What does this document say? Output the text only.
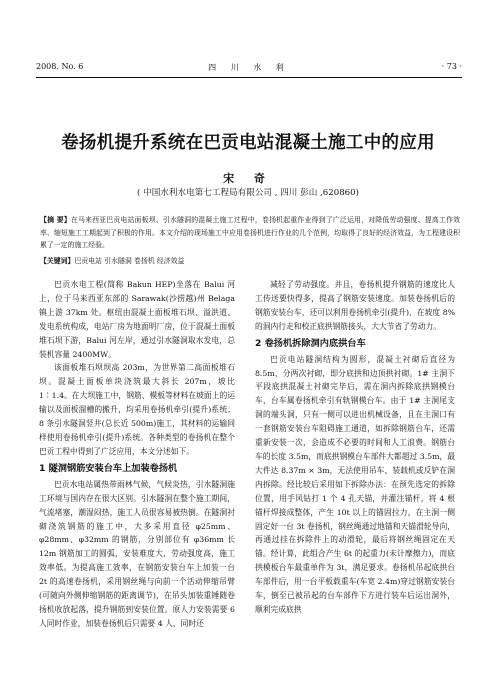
2008. No. 6	四 川 水 利	· 73 ·
卷扬机提升系统在巴贡电站混凝土施工中的应用
宋 奇
( 中国水利水电第七工程局有限公司 , 四川 彭山 ,620860)
【摘 要】在马来西亚巴贡电站面板坝、引水隧洞的混凝土施工过程中，卷扬机起重作业得到了广泛运用，对降低劳动强度、提高工作效率、缩短施工工期起到了积极的作用。本文介绍的现场施工中应用卷扬机进行作业的几个范例，均取得了良好的经济效益，为工程建设积累了一定的施工经验。
【关键词】巴贡电站 引水隧洞 卷扬机 经济效益

巴贡水电工程(简称 Bakun HEP)坐落在 Balui 河上，位于马来西亚东部的 Sarawak(沙捞越)州 Belaga 镇上游 37km 处。枢纽由混凝土面板堆石坝、溢洪道、发电系统构成，电站厂房为地面明厂房，位于混凝土面板堆石坝下游，Balui 河左岸，通过引水隧洞取水发电，总装机容量 2400MW。

该面板堆石坝坝高 203m，为世界第二高面板堆石坝。混凝土面板单块浇筑最大斜长 207m，坡比 1∶1.4。在大坝施工中，钢筋、模板等材料在坡面上的运输以及面板溜槽的搬升，均采用卷扬机牵引(提升)系统；8 条引水隧洞竖井(总长近 500m)施工，其材料的运输同样使用卷扬机牵引(提升)系统。各种类型的卷扬机在整个巴贡工程中得到了广泛应用，本文分述如下。

1 隧洞钢筋安装台车上加装卷扬机

巴贡水电站属热带雨林气候，气候炎热，引水隧洞施工环境与国内存在很大区别。引水隧洞在整个施工期间，气流堵塞，潮湿闷热，施工人员很容易被热倒。在隧洞衬砌浇筑钢筋的施工中，大多采用直径 φ25mm、φ28mm、φ32mm 的钢筋，分别部位有 φ36mm 长 12m 钢筋加工的圆弧，安装难度大，劳动强度高，施工效率低。为提高施工效率，在钢筋安装台车上加装一台 2t 的高速卷扬机，采用钢丝绳与向前一个活动伸缩吊臂(可随向外侧伸缩钢筋的距离调节)，在吊头加装重锤随卷扬机收放起落，提升钢筋到安装位置。原人力安装需要 6 人同时作业，加装卷扬机后只需要 4 人，同时还

减轻了劳动强度。并且，卷扬机提升钢筋的速度比人工传送要快得多，提高了钢筋安装速度。加装卷扬机后的钢筋安装台车，还可以利用卷扬机牵引(提升)，在坡度 8% 的洞内行走和校正底拱钢筋接头，大大节省了劳动力。

2 卷扬机拆除洞内底拱台车

巴贡电站隧洞结构为圆形，混凝土衬砌后直径为 8.5m，分两次衬砌，即分底拱和边顶拱衬砌。1# 主洞下平段底拱混凝土衬砌完毕后，需在洞内拆除底拱钢模台车，台车属卷扬机牵引有轨钢模台车。由于 1# 主洞尾支洞的端头洞，只有一侧可以进出机械设备，且在主洞口有一套钢筋安装台车阻碍施工通道，如拆除钢筋台车，还需重新安装一次，会造成不必要的时间和人工浪费。钢筋台车的长度 3.5m，而底拱钢模台车部件大都超过 3.5m，最大件达 8.37m × 3m，无法使用吊车、装载机或反铲在洞内拆除。经比较后采用如下拆除办法：在预先选定的拆除位置，用手风钻打 1 个 4 孔天锚，并灌注锚杆，将 4 根锚杆焊接成整体，产生 10t 以上的锚固拉力，在主洞一侧固定好一台 3t 卷扬机，钢丝绳通过地锚和天锚滑轮导向，再通过挂在拆除件上的动滑轮，最后将钢丝绳固定在天锚。经计算，此组合产生 6t 的起重力(未计摩擦力)，而底拱模板台车最重单件为 3t，满足要求。卷扬机吊起底拱台车部件后，用一台平板载重车(车宽 2.4m)穿过钢筋安装台车，倒至已被吊起的台车部件下方进行装车后运出洞外，顺利完成底拱
